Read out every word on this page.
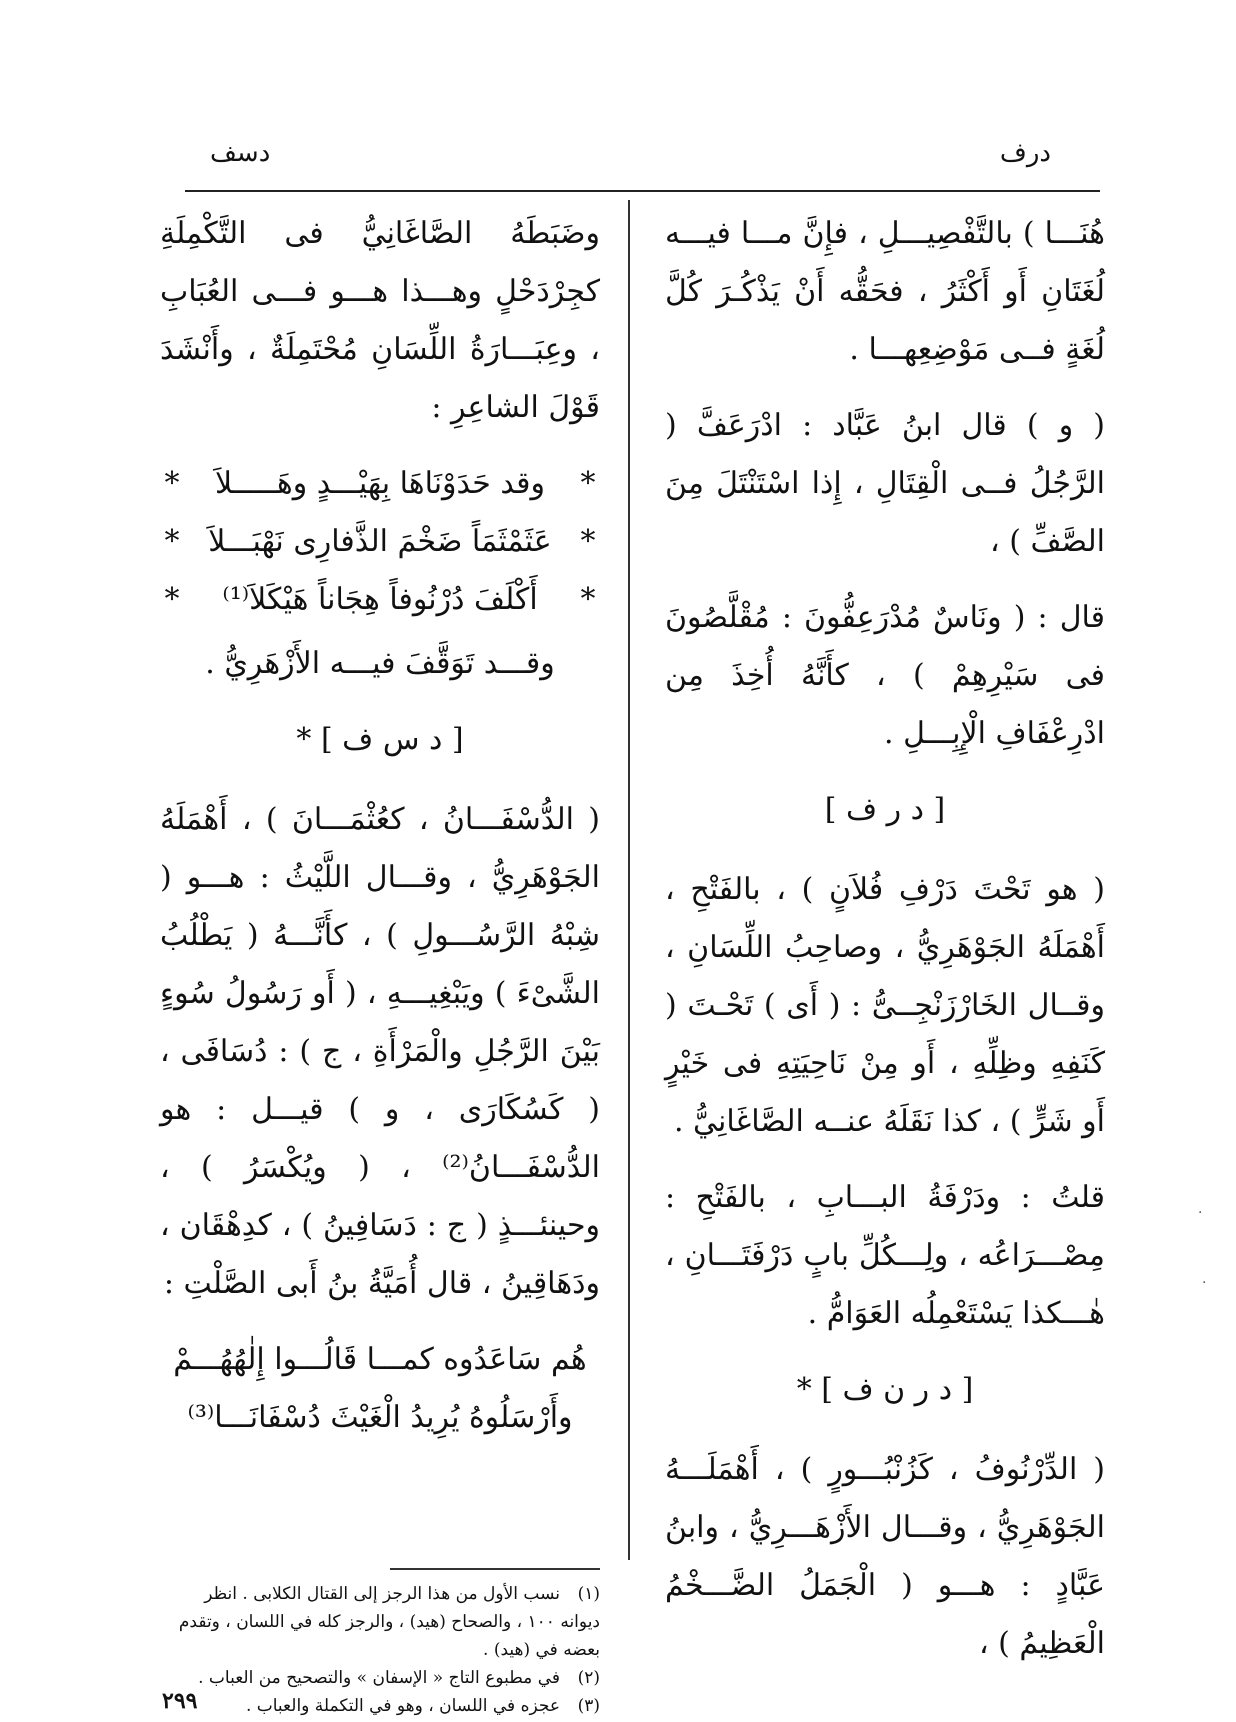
درف
دسف

هُنَـــا ) بالتَّفْصِيـــلِ ، فإِنَّ مـــا فيـــه لُغَتَانِ أَو أَكْثَرُ ، فحَقُّه أَنْ يَذْكُـرَ كُلَّ لُغَةٍ فــى مَوْضِعِهـــا .

( و ) قال ابنُ عَبَّاد : ادْرَعَفَّ ( الرَّجُلُ فــى الْقِتَالِ ، إِذا اسْتَنْتَلَ مِنَ الصَّفِّ ) ،

قال : ( ونَاسٌ مُدْرَعِفُّونَ : مُقْلَّصُونَ فى سَيْرِهِمْ ) ، كأَنَّهُ أُخِذَ مِن ادْرِعْفَافِ الْإِبِـــلِ .

[ د ر ف ]

( هو تَحْتَ دَرْفِ فُلاَنٍ ) ، بالفَتْحِ ، أَهْمَلَهُ الجَوْهَرِيُّ ، وصاحِبُ اللِّسَانِ ، وقــال الخَارْزَنْجِــىُّ : ( أَى ) تَحْـتَ ( كَنَفِهِ وظِلِّهِ ، أَو مِنْ نَاحِيَتِهِ فى خَيْرٍ أَو شَرٍّ ) ، كذا نَقَلَهُ عنــه الصَّاغَانِيُّ .

قلتُ : ودَرْفَةُ البـــابِ ، بالفَتْحِ : مِصْـــرَاعُه ، ولِـــكُلِّ بابٍ دَرْفَتَـــانِ ، هٰـــكذا يَسْتَعْمِلُه العَوَامُّ .

[ د ر ن ف ] *

( الدِّرْنُوفُ ، كَزُنْبُـــورٍ ) ، أَهْمَلَـــهُ الجَوْهَرِيُّ ، وقـــال الأَزْهَـــرِيُّ ، وابنُ عَبَّادٍ : هـــو ( الْجَمَلُ الضَّـــخْمُ الْعَظِيمُ ) ،

وضَبَطَهُ الصَّاغَانِيُّ فى التَّكْمِلَةِ كجِرْدَحْلٍ وهـــذا هـــو فـــى العُبَابِ ، وعِبَـــارَةُ اللِّسَانِ مُحْتَمِلَةٌ ، وأَنْشَدَ قَوْلَ الشاعِرِ :

*
وقد حَدَوْنَاهَا بِهَيْـــدٍ وهَـــــلاَ
*
*
عَثَمْثَمَاً ضَخْمَ الذَّفارِى نَهْبَـــلاَ
*
*
أَكْلَفَ دُرْنُوفاً هِجَاناً هَيْكَلاَ⁽¹⁾
*

وقـــد تَوَقَّفَ فيـــه الأَزْهَرِيُّ .

[ د س ف ] *

( الدُّسْفَـــانُ ، كعُثْمَـــانَ ) ، أَهْمَلَهُ الجَوْهَرِيُّ ، وقـــال اللَّيْثُ : هـــو ( شِبْهُ الرَّسُـــولِ ) ، كأَنَّـــهُ ( يَطْلُبُ الشَّىْءَ ) ويَبْغِيـــهِ ، ( أَو رَسُولُ سُوءٍ بَيْنَ الرَّجُلِ والْمَرْأَةِ ، ج ) : دُسَافَى ، ( كَسُكَارَى ، و ) قيـــل : هو الدُّسْفَـــانُ⁽²⁾ ، ( ويُكْسَرُ ) ، وحينئـــذٍ ( ج : دَسَافِينُ ) ، كدِهْقَان ، ودَهَاقِينُ ، قال أُمَيَّةُ بنُ أَبى الصَّلْتِ :

هُم سَاعَدُوه كمـــا قَالُـــوا إِلٰهُهُـــمْ

وأَرْسَلُوهُ يُرِيدُ الْغَيْثَ دُسْفَانَـــا⁽³⁾

(١)
نسب الأول من هذا الرجز إلى القتال الكلابى . انظر
ديوانه ١٠٠ ، والصحاح (هيد) ، والرجز كله في اللسان ، وتقدم بعضه في (هيد) .
(٢)
في مطبوع التاج « الإسفان » والتصحيح من العباب .
(٣)
عجزه في اللسان ، وهو في التكملة والعباب .
٢٩٩
·
·
